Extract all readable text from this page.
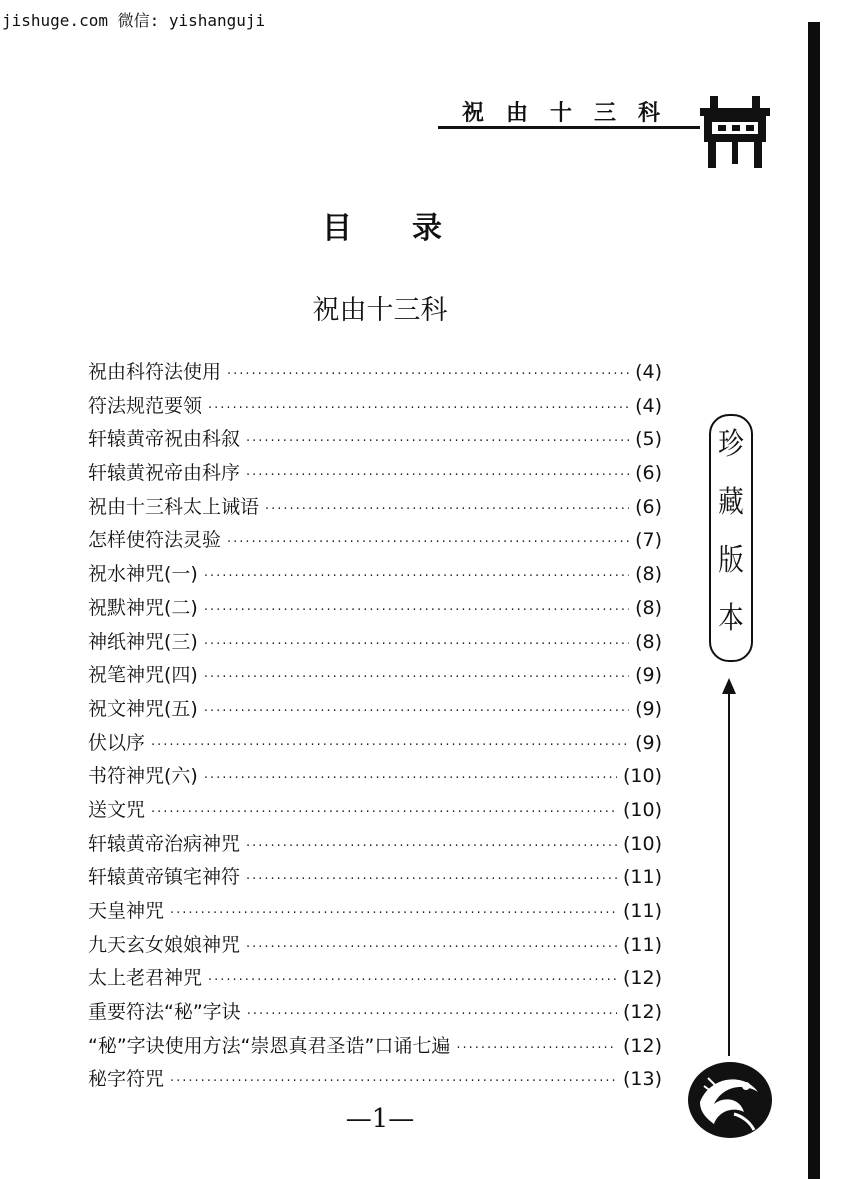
jishuge.com 微信: yishanguji
祝由十三科
目录
祝由十三科
祝由科符法使用 ·····	(4)
符法规范要领 ·····	(4)
轩辕黄帝祝由科叙 ·····	(5)
轩辕黄祝帝由科序 ·····	(6)
祝由十三科太上诫语 ·····	(6)
怎样使符法灵验 ·····	(7)
祝水神咒(一) ·····	(8)
祝默神咒(二) ·····	(8)
神纸神咒(三) ·····	(8)
祝笔神咒(四) ·····	(9)
祝文神咒(五) ·····	(9)
伏以序 ·····	(9)
书符神咒(六) ·····	(10)
送文咒 ·····	(10)
轩辕黄帝治病神咒 ·····	(10)
轩辕黄帝镇宅神符 ·····	(11)
天皇神咒 ·····	(11)
九天玄女娘娘神咒 ·····	(11)
太上老君神咒 ·····	(12)
重要符法“秘”字诀 ·····	(12)
“秘”字诀使用方法“崇恩真君圣诰”口诵七遍 ·····	(12)
秘字符咒 ·····	(13)
珍
藏
版
本
—1—
